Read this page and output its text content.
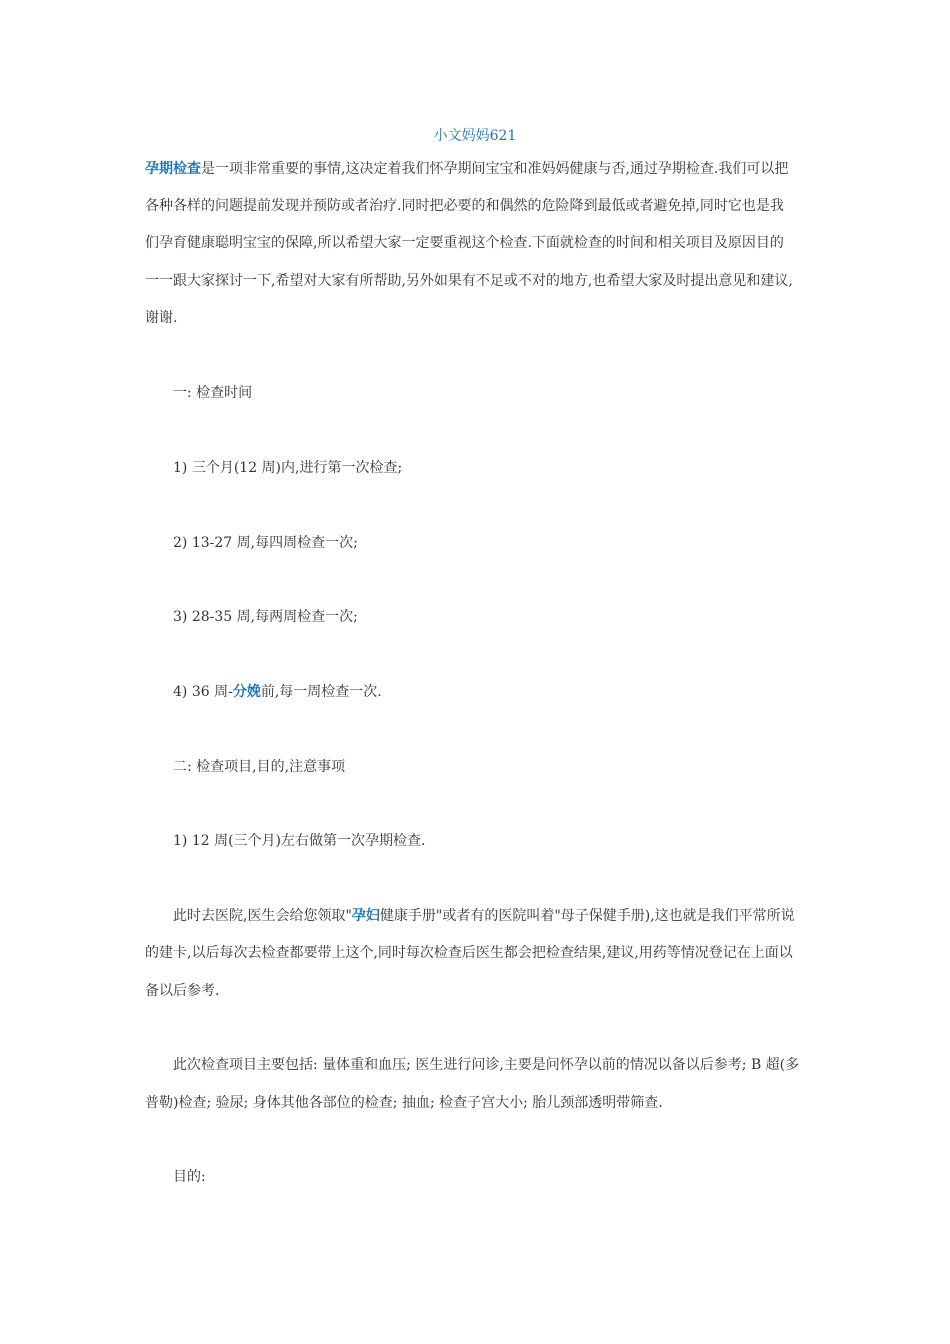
小文妈妈621
孕期检查是一项非常重要的事情,这决定着我们怀孕期间宝宝和准妈妈健康与否,通过孕期检查.我们可以把
各种各样的问题提前发现并预防或者治疗.同时把必要的和偶然的危险降到最低或者避免掉,同时它也是我
们孕育健康聪明宝宝的保障,所以希望大家一定要重视这个检查.下面就检查的时间和相关项目及原因目的
一一跟大家探讨一下,希望对大家有所帮助,另外如果有不足或不对的地方,也希望大家及时提出意见和建议,
谢谢.
一: 检查时间
1) 三个月(12 周)内,进行第一次检查;
2) 13-27 周,每四周检查一次;
3) 28-35 周,每两周检查一次;
4) 36 周-分娩前,每一周检查一次.
二: 检查项目,目的,注意事项
1) 12 周(三个月)左右做第一次孕期检查.
此时去医院,医生会给您领取"孕妇健康手册"或者有的医院叫着"母子保健手册),这也就是我们平常所说
的建卡,以后每次去检查都要带上这个,同时每次检查后医生都会把检查结果,建议,用药等情况登记在上面以
备以后参考.
此次检查项目主要包括: 量体重和血压; 医生进行问诊,主要是问怀孕以前的情况以备以后参考; B 超(多
普勒)检查; 验尿; 身体其他各部位的检查; 抽血; 检查子宫大小; 胎儿颈部透明带筛查.
目的:
